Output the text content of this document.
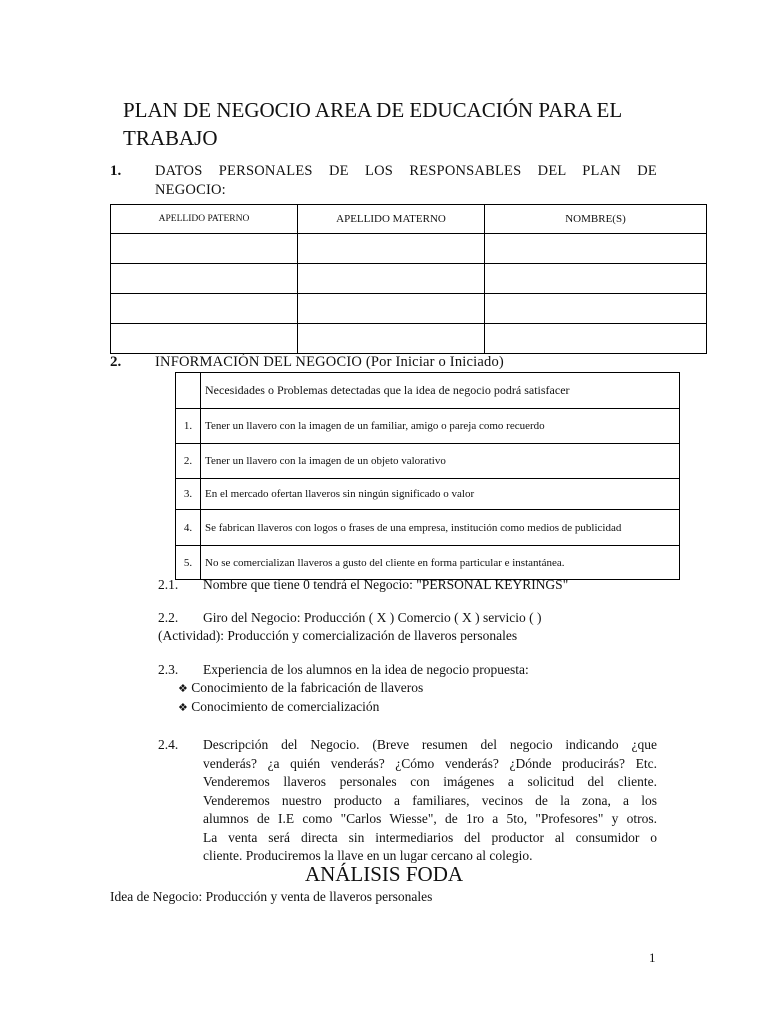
PLAN DE NEGOCIO AREA DE EDUCACIÓN PARA EL TRABAJO
1. DATOS PERSONALES DE LOS RESPONSABLES DEL PLAN DE
NEGOCIO:
APELLIDO PATERNO	APELLIDO MATERNO	NOMBRE(S)

2. INFORMACIÓN DEL NEGOCIO (Por Iniciar o Iniciado)
	Necesidades o Problemas detectadas que la idea de negocio podrá satisfacer
1.	Tener un llavero con la imagen de un familiar, amigo o pareja como recuerdo
2.	Tener un llavero con la imagen de un objeto valorativo
3.	En el mercado ofertan llaveros sin ningún significado o valor
4.	Se fabrican llaveros con logos o frases de una empresa, institución como medios de publicidad
5.	No se comercializan llaveros a gusto del cliente en forma particular e instantánea.
2.1. Nombre que tiene 0 tendrá el Negocio: "PERSONAL KEYRINGS"
2.2. Giro del Negocio: Producción ( X ) Comercio ( X ) servicio ( )
(Actividad): Producción y comercialización de llaveros personales
2.3. Experiencia de los alumnos en la idea de negocio propuesta:
❖ Conocimiento de la fabricación de llaveros
❖ Conocimiento de comercialización
2.4. Descripción del Negocio. (Breve resumen del negocio indicando ¿que
venderás? ¿a quién venderás? ¿Cómo venderás? ¿Dónde producirás? Etc.
Venderemos llaveros personales con imágenes a solicitud del cliente.
Venderemos nuestro producto a familiares, vecinos de la zona, a los
alumnos de I.E como "Carlos Wiesse", de 1ro a 5to, "Profesores" y otros.
La venta será directa sin intermediarios del productor al consumidor o
cliente. Produciremos la llave en un lugar cercano al colegio.
ANÁLISIS FODA
Idea de Negocio: Producción y venta de llaveros personales
1
